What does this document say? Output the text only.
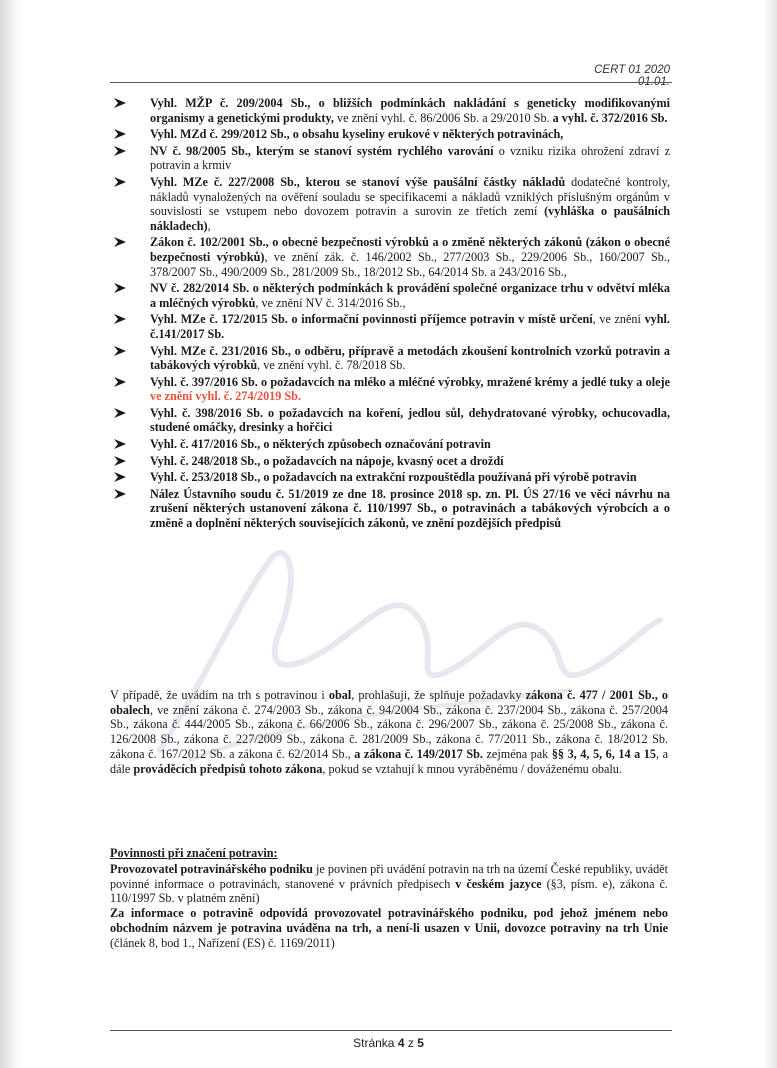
CERT 01 2020 01.01.
Vyhl. MŽP č. 209/2004 Sb., o bližších podmínkách nakládání s geneticky modifikovanými organismy a genetickými produkty, ve znění vyhl. č. 86/2006 Sb. a 29/2010 Sb. a vyhl. č. 372/2016 Sb.
Vyhl. MZd č. 299/2012 Sb., o obsahu kyseliny erukové v některých potravinách,
NV č. 98/2005 Sb., kterým se stanoví systém rychlého varování o vzniku rizika ohrožení zdraví z potravin a krmiv
Vyhl. MZe č. 227/2008 Sb., kterou se stanoví výše paušální částky nákladů dodatečné kontroly, nákladů vynaložených na ověření souladu se specifikacemi a nákladů vzniklých příslušným orgánům v souvislosti se vstupem nebo dovozem potravin a surovin ze třetích zemí (vyhláška o paušálních nákladech),
Zákon č. 102/2001 Sb., o obecné bezpečnosti výrobků a o změně některých zákonů (zákon o obecné bezpečnosti výrobků), ve znění zák. č. 146/2002 Sb., 277/2003 Sb., 229/2006 Sb., 160/2007 Sb., 378/2007 Sb., 490/2009 Sb., 281/2009 Sb., 18/2012 Sb., 64/2014 Sb. a 243/2016 Sb.,
NV č. 282/2014 Sb. o některých podmínkách k provádění společné organizace trhu v odvětví mléka a mléčných výrobků, ve znění NV č. 314/2016 Sb.,
Vyhl. MZe č. 172/2015 Sb. o informační povinnosti příjemce potravin v místě určení, ve znění vyhl. č.141/2017 Sb.
Vyhl. MZe č. 231/2016 Sb., o odběru, přípravě a metodách zkoušení kontrolních vzorků potravin a tabákových výrobků, ve znění vyhl. č. 78/2018 Sb.
Vyhl. č. 397/2016 Sb. o požadavcích na mléko a mléčné výrobky, mražené krémy a jedlé tuky a oleje ve znění vyhl. č. 274/2019 Sb.
Vyhl. č. 398/2016 Sb. o požadavcích na koření, jedlou sůl, dehydratované výrobky, ochucovadla, studené omáčky, dresinky a hořčici
Vyhl. č. 417/2016 Sb., o některých způsobech označování potravin
Vyhl. č. 248/2018 Sb., o požadavcích na nápoje, kvasný ocet a droždí
Vyhl. č. 253/2018 Sb., o požadavcích na extrakční rozpouštědla používaná při výrobě potravin
Nález Ústavního soudu č. 51/2019 ze dne 18. prosince 2018 sp. zn. Pl. ÚS 27/16 ve věci návrhu na zrušení některých ustanovení zákona č. 110/1997 Sb., o potravinách a tabákových výrobcích a o změně a doplnění některých souvisejících zákonů, ve znění pozdějších předpisů
V případě, že uvádím na trh s potravinou i obal, prohlašuji, že splňuje požadavky zákona č. 477 / 2001 Sb., o obalech, ve znění zákona č. 274/2003 Sb., zákona č. 94/2004 Sb., zákona č. 237/2004 Sb., zákona č. 257/2004 Sb., zákona č. 444/2005 Sb., zákona č. 66/2006 Sb., zákona č. 296/2007 Sb., zákona č. 25/2008 Sb., zákona č. 126/2008 Sb., zákona č. 227/2009 Sb., zákona č. 281/2009 Sb., zákona č. 77/2011 Sb., zákona č. 18/2012 Sb. zákona č. 167/2012 Sb. a zákona č. 62/2014 Sb., a zákona č. 149/2017 Sb. zejména pak §§ 3, 4, 5, 6, 14 a 15, a dále prováděcích předpisů tohoto zákona, pokud se vztahují k mnou vyráběnému / dováženému obalu.
Povinnosti při značení potravin:

Provozovatel potravinářského podniku je povinen při uvádění potravin na trh na území České republiky, uvádět povinné informace o potravinách, stanovené v právních předpisech v českém jazyce (§3, písm. e), zákona č. 110/1997 Sb. v platném znění)

Za informace o potravině odpovídá provozovatel potravinářského podniku, pod jehož jménem nebo obchodním názvem je potravina uváděna na trh, a není-li usazen v Unii, dovozce potraviny na trh Unie (článek 8, bod 1., Nařízení (ES) č. 1169/2011)

Stránka 4 z 5
